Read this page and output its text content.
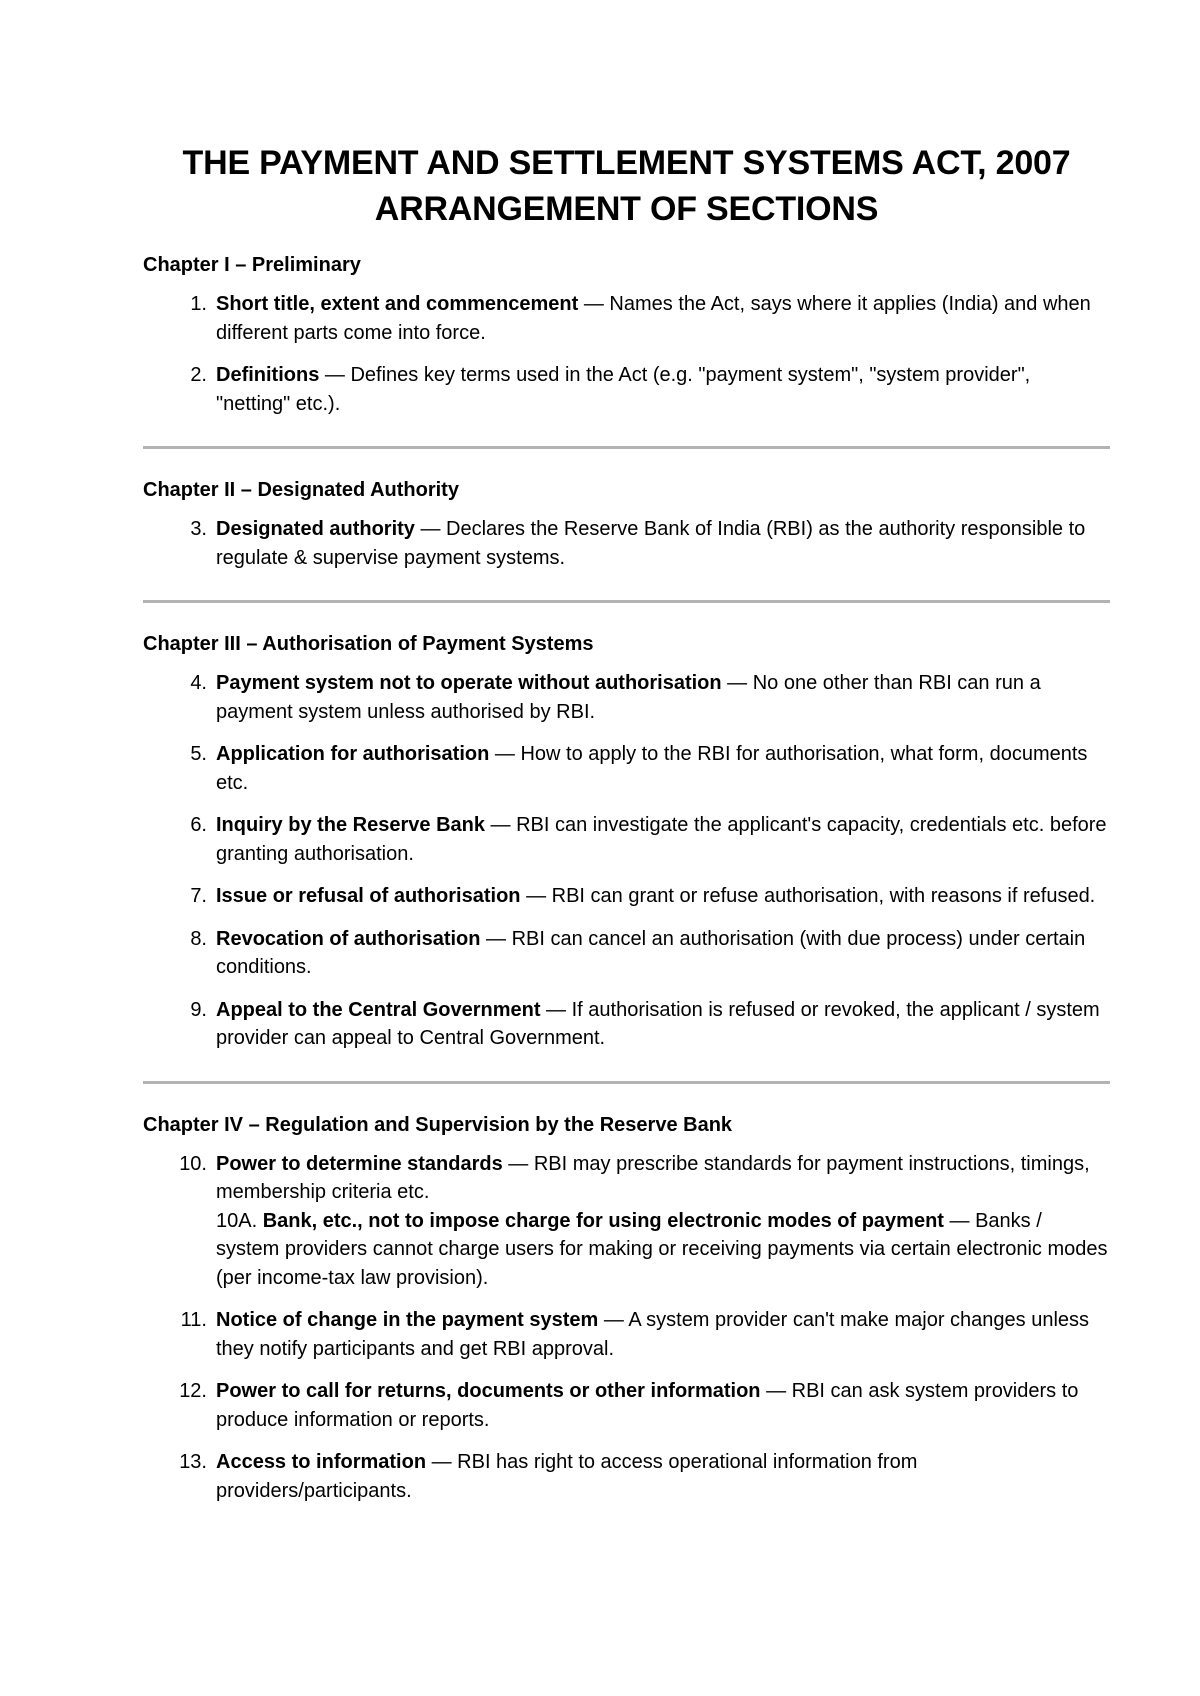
THE PAYMENT AND SETTLEMENT SYSTEMS ACT, 2007
ARRANGEMENT OF SECTIONS
Chapter I – Preliminary
1. Short title, extent and commencement — Names the Act, says where it applies (India) and when different parts come into force.
2. Definitions — Defines key terms used in the Act (e.g. "payment system", "system provider", "netting" etc.).
Chapter II – Designated Authority
3. Designated authority — Declares the Reserve Bank of India (RBI) as the authority responsible to regulate & supervise payment systems.
Chapter III – Authorisation of Payment Systems
4. Payment system not to operate without authorisation — No one other than RBI can run a payment system unless authorised by RBI.
5. Application for authorisation — How to apply to the RBI for authorisation, what form, documents etc.
6. Inquiry by the Reserve Bank — RBI can investigate the applicant's capacity, credentials etc. before granting authorisation.
7. Issue or refusal of authorisation — RBI can grant or refuse authorisation, with reasons if refused.
8. Revocation of authorisation — RBI can cancel an authorisation (with due process) under certain conditions.
9. Appeal to the Central Government — If authorisation is refused or revoked, the applicant / system provider can appeal to Central Government.
Chapter IV – Regulation and Supervision by the Reserve Bank
10. Power to determine standards — RBI may prescribe standards for payment instructions, timings, membership criteria etc.
10A. Bank, etc., not to impose charge for using electronic modes of payment — Banks / system providers cannot charge users for making or receiving payments via certain electronic modes (per income-tax law provision).
11. Notice of change in the payment system — A system provider can't make major changes unless they notify participants and get RBI approval.
12. Power to call for returns, documents or other information — RBI can ask system providers to produce information or reports.
13. Access to information — RBI has right to access operational information from providers/participants.
